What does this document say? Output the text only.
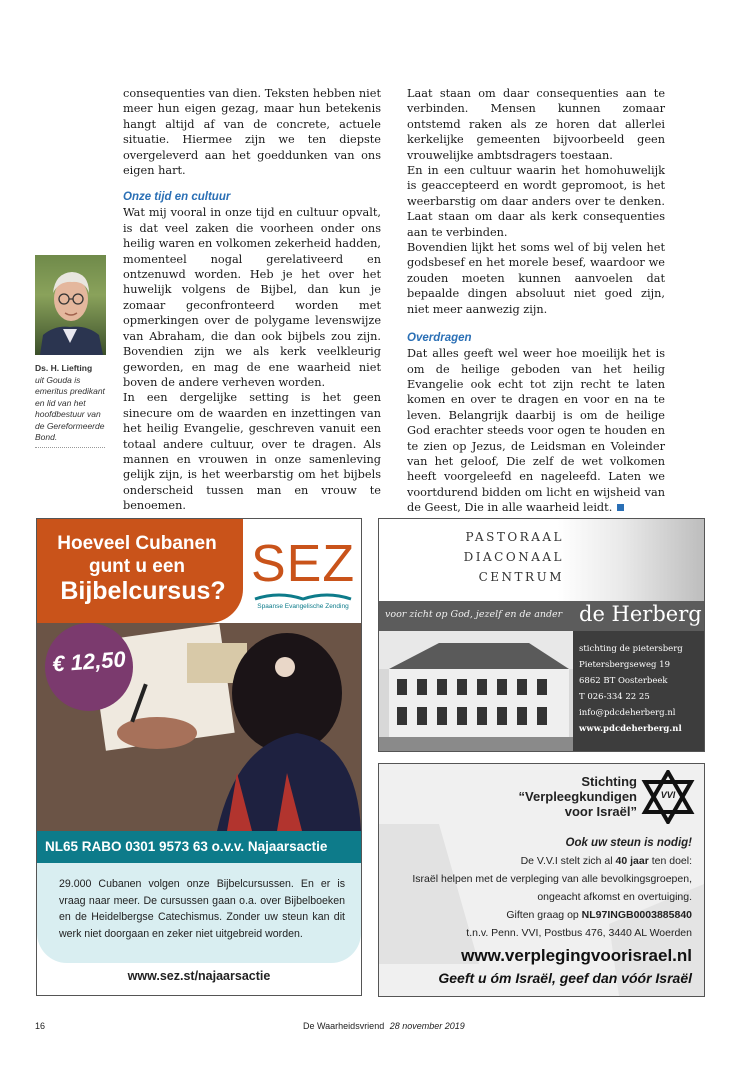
consequenties van dien. Teksten hebben niet meer hun eigen gezag, maar hun betekenis hangt altijd af van de concrete, actuele situatie. Hiermee zijn we ten diepste overgeleverd aan het goeddunken van ons eigen hart.

Onze tijd en cultuur

Wat mij vooral in onze tijd en cultuur opvalt, is dat veel zaken die voorheen onder ons heilig waren en volkomen zekerheid hadden, momenteel nogal gerelativeerd en ontzenuwd worden. Heb je het over het huwelijk volgens de Bijbel, dan kun je zomaar geconfronteerd worden met opmerkingen over de polygame levenswijze van Abraham, die dan ook bijbels zou zijn. Bovendien zijn we als kerk veelkleurig geworden, en mag de ene waarheid niet boven de andere verheven worden.

In een dergelijke setting is het geen sinecure om de waarden en inzettingen van het heilig Evangelie, geschreven vanuit een totaal andere cultuur, over te dragen. Als mannen en vrouwen in onze samenleving gelijk zijn, is het weerbarstig om het bijbels onderscheid tussen man en vrouw te benoemen.

Laat staan om daar consequenties aan te verbinden. Mensen kunnen zomaar ontstemd raken als ze horen dat allerlei kerkelijke gemeenten bijvoorbeeld geen vrouwelijke ambtsdragers toestaan.

En in een cultuur waarin het homohuwelijk is geaccepteerd en wordt gepromoot, is het weerbarstig om daar anders over te denken. Laat staan om daar als kerk consequenties aan te verbinden.

Bovendien lijkt het soms wel of bij velen het godsbesef en het morele besef, waardoor we zouden moeten kunnen aanvoelen dat bepaalde dingen absoluut niet goed zijn, niet meer aanwezig zijn.

Overdragen

Dat alles geeft wel weer hoe moeilijk het is om de heilige geboden van het heilig Evangelie ook echt tot zijn recht te laten komen en over te dragen en voor en na te leven. Belangrijk daarbij is om de heilige God erachter steeds voor ogen te houden en te zien op Jezus, de Leidsman en Voleinder van het geloof, Die zelf de wet volkomen heeft voorgeleefd en nageleefd. Laten we voortdurend bidden om licht en wijsheid van de Geest, Die in alle waarheid leidt.

Ds. H. Liefting
uit Gouda is emeritus predikant en lid van het hoofdbestuur van de Gereformeerde Bond.
Hoeveel Cubanen
gunt u een
Bijbelcursus? SEZ
Spaanse Evangelische Zending
€ 12,50
NL65 RABO 0301 9573 63 o.v.v. Najaarsactie

29.000 Cubanen volgen onze Bijbelcursussen. En er is vraag naar meer. De cursussen gaan o.a. over Bijbelboeken en de Heidelbergse Catechismus. Zonder uw steun kan dit werk niet doorgaan en zeker niet uitgebreid worden.

www.sez.st/najaarsactie
PASTORAAL
DIACONAAL
CENTRUM
voor zicht op God, jezelf en de ander de Herberg
stichting de pietersberg
Pietersbergseweg 19
6862 BT Oosterbeek
T 026-334 22 25
info@pdcdeherberg.nl
www.pdcdeherberg.nl
Stichting
“Verpleegkundigen
voor Israël”
VVI
Ook uw steun is nodig!
De V.V.I stelt zich al 40 jaar ten doel:
Israël helpen met de verpleging van alle bevolkingsgroepen,
ongeacht afkomst en overtuiging.
Giften graag op NL97INGB0003885840
t.n.v. Penn. VVI, Postbus 476, 3440 AL Woerden
www.verplegingvoorisrael.nl
Geeft u óm Israël, geef dan vóór Israël
16	De Waarheidsvriend 28 november 2019
